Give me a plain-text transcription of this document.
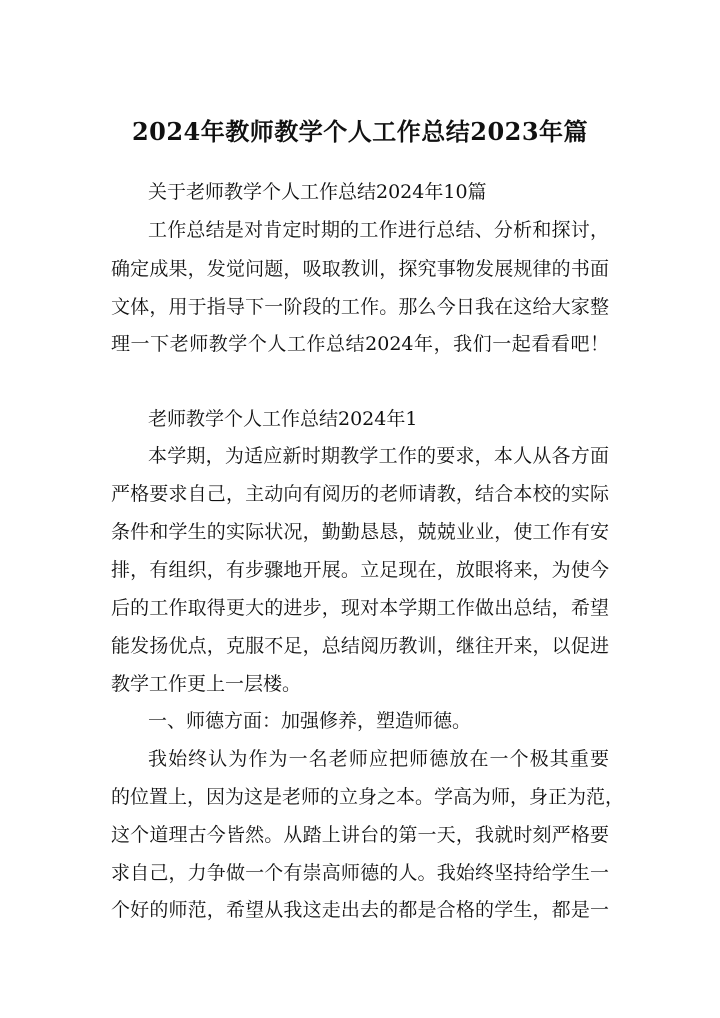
2024年教师教学个人工作总结2023年篇
关于老师教学个人工作总结2024年10篇
工作总结是对肯定时期的工作进行总结、分析和探讨，
确定成果，发觉问题，吸取教训，探究事物发展规律的书面
文体，用于指导下一阶段的工作。那么今日我在这给大家整
理一下老师教学个人工作总结2024年，我们一起看看吧！
老师教学个人工作总结2024年1
本学期，为适应新时期教学工作的要求，本人从各方面
严格要求自己，主动向有阅历的老师请教，结合本校的实际
条件和学生的实际状况，勤勤恳恳，兢兢业业，使工作有安
排，有组织，有步骤地开展。立足现在，放眼将来，为使今
后的工作取得更大的进步，现对本学期工作做出总结，希望
能发扬优点，克服不足，总结阅历教训，继往开来，以促进
教学工作更上一层楼。
一、师德方面：加强修养，塑造师德。
我始终认为作为一名老师应把师德放在一个极其重要
的位置上，因为这是老师的立身之本。学高为师，身正为范，
这个道理古今皆然。从踏上讲台的第一天，我就时刻严格要
求自己，力争做一个有崇高师德的人。我始终坚持给学生一
个好的师范，希望从我这走出去的都是合格的学生，都是一
